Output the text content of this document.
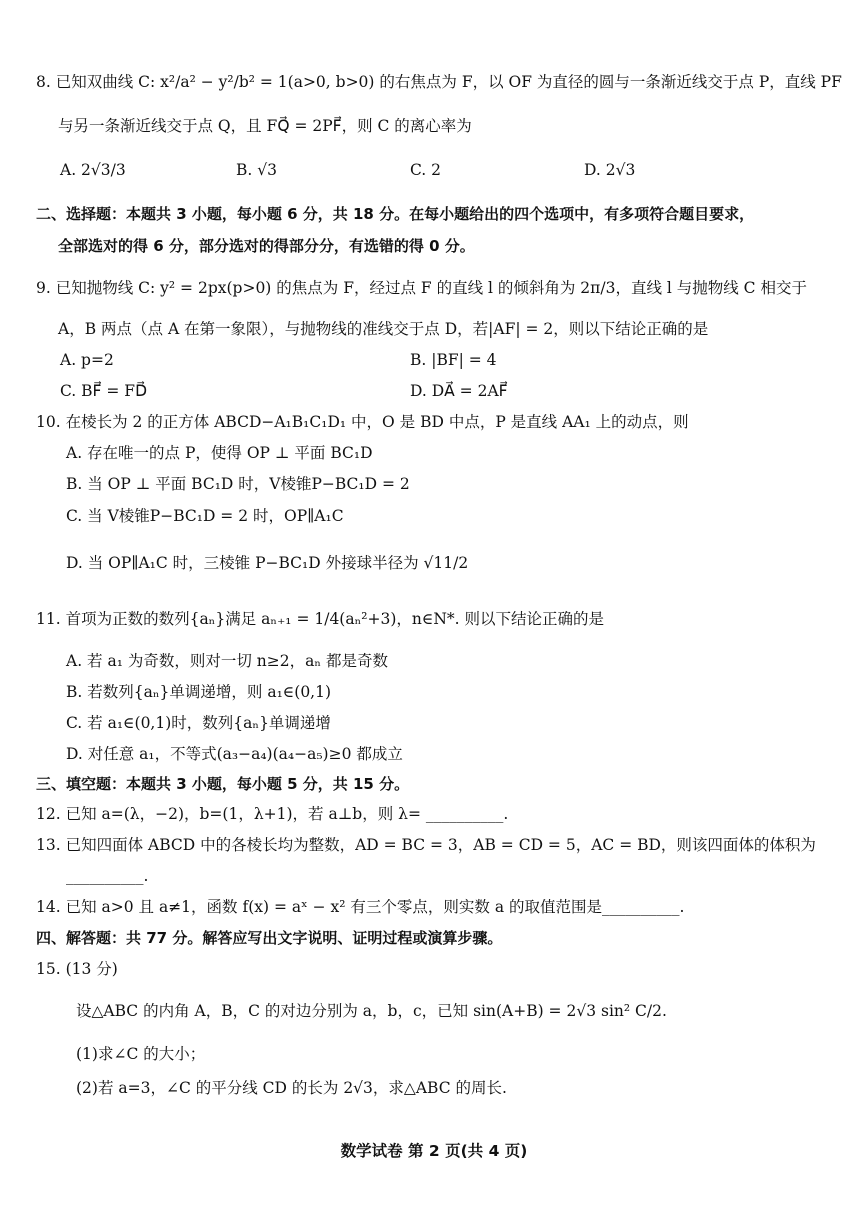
8. 已知双曲线 C: x²/a² − y²/b² = 1(a>0, b>0) 的右焦点为 F，以 OF 为直径的圆与一条渐近线交于点 P，直线 PF
与另一条渐近线交于点 Q，且 FQ⃗ = 2PF⃗，则 C 的离心率为
A. 2√3/3	B. √3	C. 2	D. 2√3
二、选择题：本题共 3 小题，每小题 6 分，共 18 分。在每小题给出的四个选项中，有多项符合题目要求，
全部选对的得 6 分，部分选对的得部分分，有选错的得 0 分。
9. 已知抛物线 C: y² = 2px(p>0) 的焦点为 F，经过点 F 的直线 l 的倾斜角为 2π/3，直线 l 与抛物线 C 相交于
A，B 两点（点 A 在第一象限），与抛物线的准线交于点 D，若|AF| = 2，则以下结论正确的是
A. p=2	B. |BF| = 4
C. BF⃗ = FD⃗	D. DA⃗ = 2AF⃗
10. 在棱长为 2 的正方体 ABCD−A₁B₁C₁D₁ 中，O 是 BD 中点，P 是直线 AA₁ 上的动点，则
A. 存在唯一的点 P，使得 OP ⊥ 平面 BC₁D
B. 当 OP ⊥ 平面 BC₁D 时，V棱锥P−BC₁D = 2
C. 当 V棱锥P−BC₁D = 2 时，OP∥A₁C
D. 当 OP∥A₁C 时，三棱锥 P−BC₁D 外接球半径为 √11/2
11. 首项为正数的数列{aₙ}满足 aₙ₊₁ = 1/4(aₙ²+3)，n∈N*. 则以下结论正确的是
A. 若 a₁ 为奇数，则对一切 n≥2，aₙ 都是奇数
B. 若数列{aₙ}单调递增，则 a₁∈(0,1)
C. 若 a₁∈(0,1)时，数列{aₙ}单调递增
D. 对任意 a₁，不等式(a₃−a₄)(a₄−a₅)≥0 都成立
三、填空题：本题共 3 小题，每小题 5 分，共 15 分。
12. 已知 a=(λ，−2)，b=(1，λ+1)，若 a⊥b，则 λ= __________.
13. 已知四面体 ABCD 中的各棱长均为整数，AD = BC = 3，AB = CD = 5，AC = BD，则该四面体的体积为
__________.
14. 已知 a>0 且 a≠1，函数 f(x) = aˣ − x² 有三个零点，则实数 a 的取值范围是__________.
四、解答题：共 77 分。解答应写出文字说明、证明过程或演算步骤。
15. (13 分)
设△ABC 的内角 A，B，C 的对边分别为 a，b，c，已知 sin(A+B) = 2√3 sin² C/2.
(1)求∠C 的大小；
(2)若 a=3，∠C 的平分线 CD 的长为 2√3，求△ABC 的周长.
数学试卷 第 2 页(共 4 页)
